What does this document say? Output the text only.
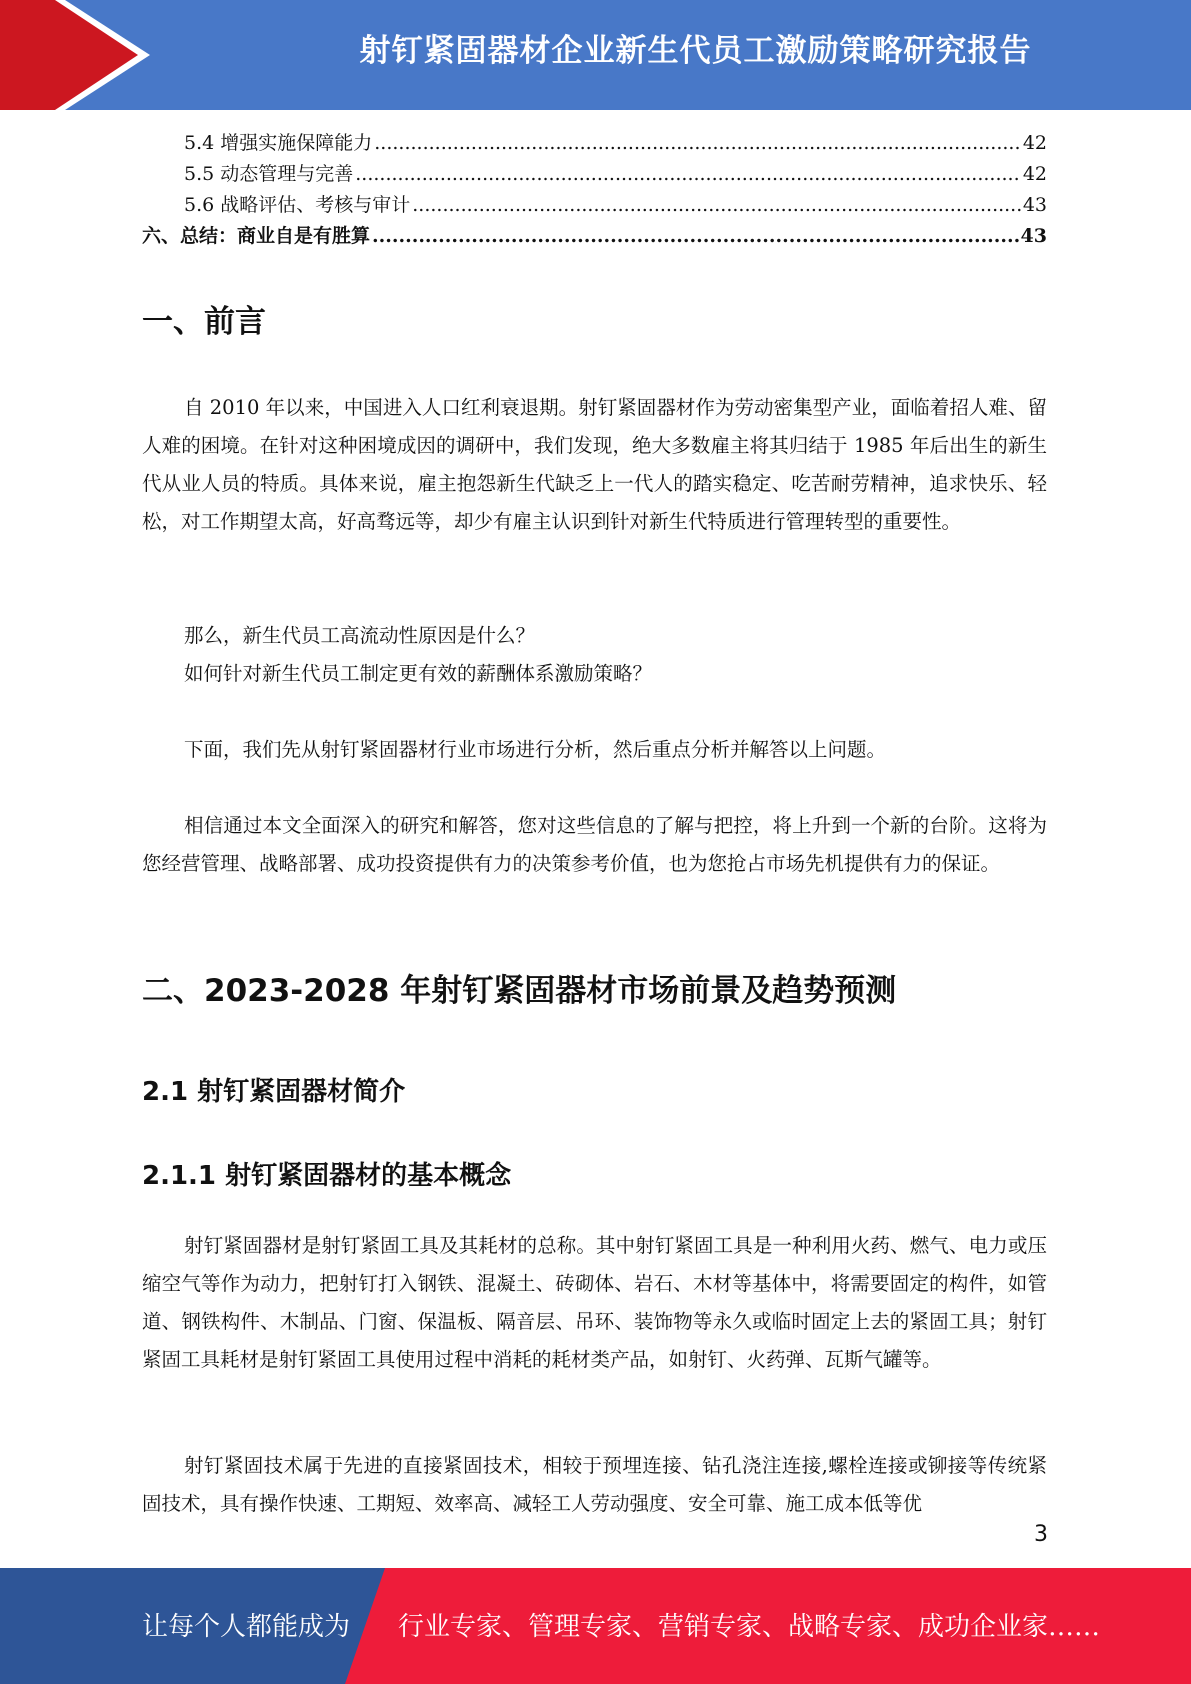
射钉紧固器材企业新生代员工激励策略研究报告
5.4 增强实施保障能力 .....	42
5.5 动态管理与完善 .....	42
5.6 战略评估、考核与审计 .....	43
六、总结：商业自是有胜算 .....	43
一、前言

自 2010 年以来，中国进入人口红利衰退期。射钉紧固器材作为劳动密集型产业，面临着招人难、留人难的困境。在针对这种困境成因的调研中，我们发现，绝大多数雇主将其归结于 1985 年后出生的新生代从业人员的特质。具体来说，雇主抱怨新生代缺乏上一代人的踏实稳定、吃苦耐劳精神，追求快乐、轻松，对工作期望太高，好高骛远等，却少有雇主认识到针对新生代特质进行管理转型的重要性。

那么，新生代员工高流动性原因是什么？

如何针对新生代员工制定更有效的薪酬体系激励策略？

下面，我们先从射钉紧固器材行业市场进行分析，然后重点分析并解答以上问题。

相信通过本文全面深入的研究和解答，您对这些信息的了解与把控，将上升到一个新的台阶。这将为您经营管理、战略部署、成功投资提供有力的决策参考价值，也为您抢占市场先机提供有力的保证。

二、2023-2028 年射钉紧固器材市场前景及趋势预测
2.1 射钉紧固器材简介
2.1.1 射钉紧固器材的基本概念

射钉紧固器材是射钉紧固工具及其耗材的总称。其中射钉紧固工具是一种利用火药、燃气、电力或压缩空气等作为动力，把射钉打入钢铁、混凝土、砖砌体、岩石、木材等基体中，将需要固定的构件，如管道、钢铁构件、木制品、门窗、保温板、隔音层、吊环、装饰物等永久或临时固定上去的紧固工具；射钉紧固工具耗材是射钉紧固工具使用过程中消耗的耗材类产品，如射钉、火药弹、瓦斯气罐等。

射钉紧固技术属于先进的直接紧固技术，相较于预埋连接、钻孔浇注连接,螺栓连接或铆接等传统紧固技术，具有操作快速、工期短、效率高、减轻工人劳动强度、安全可靠、施工成本低等优

3
让每个人都能成为 行业专家、管理专家、营销专家、战略专家、成功企业家……
